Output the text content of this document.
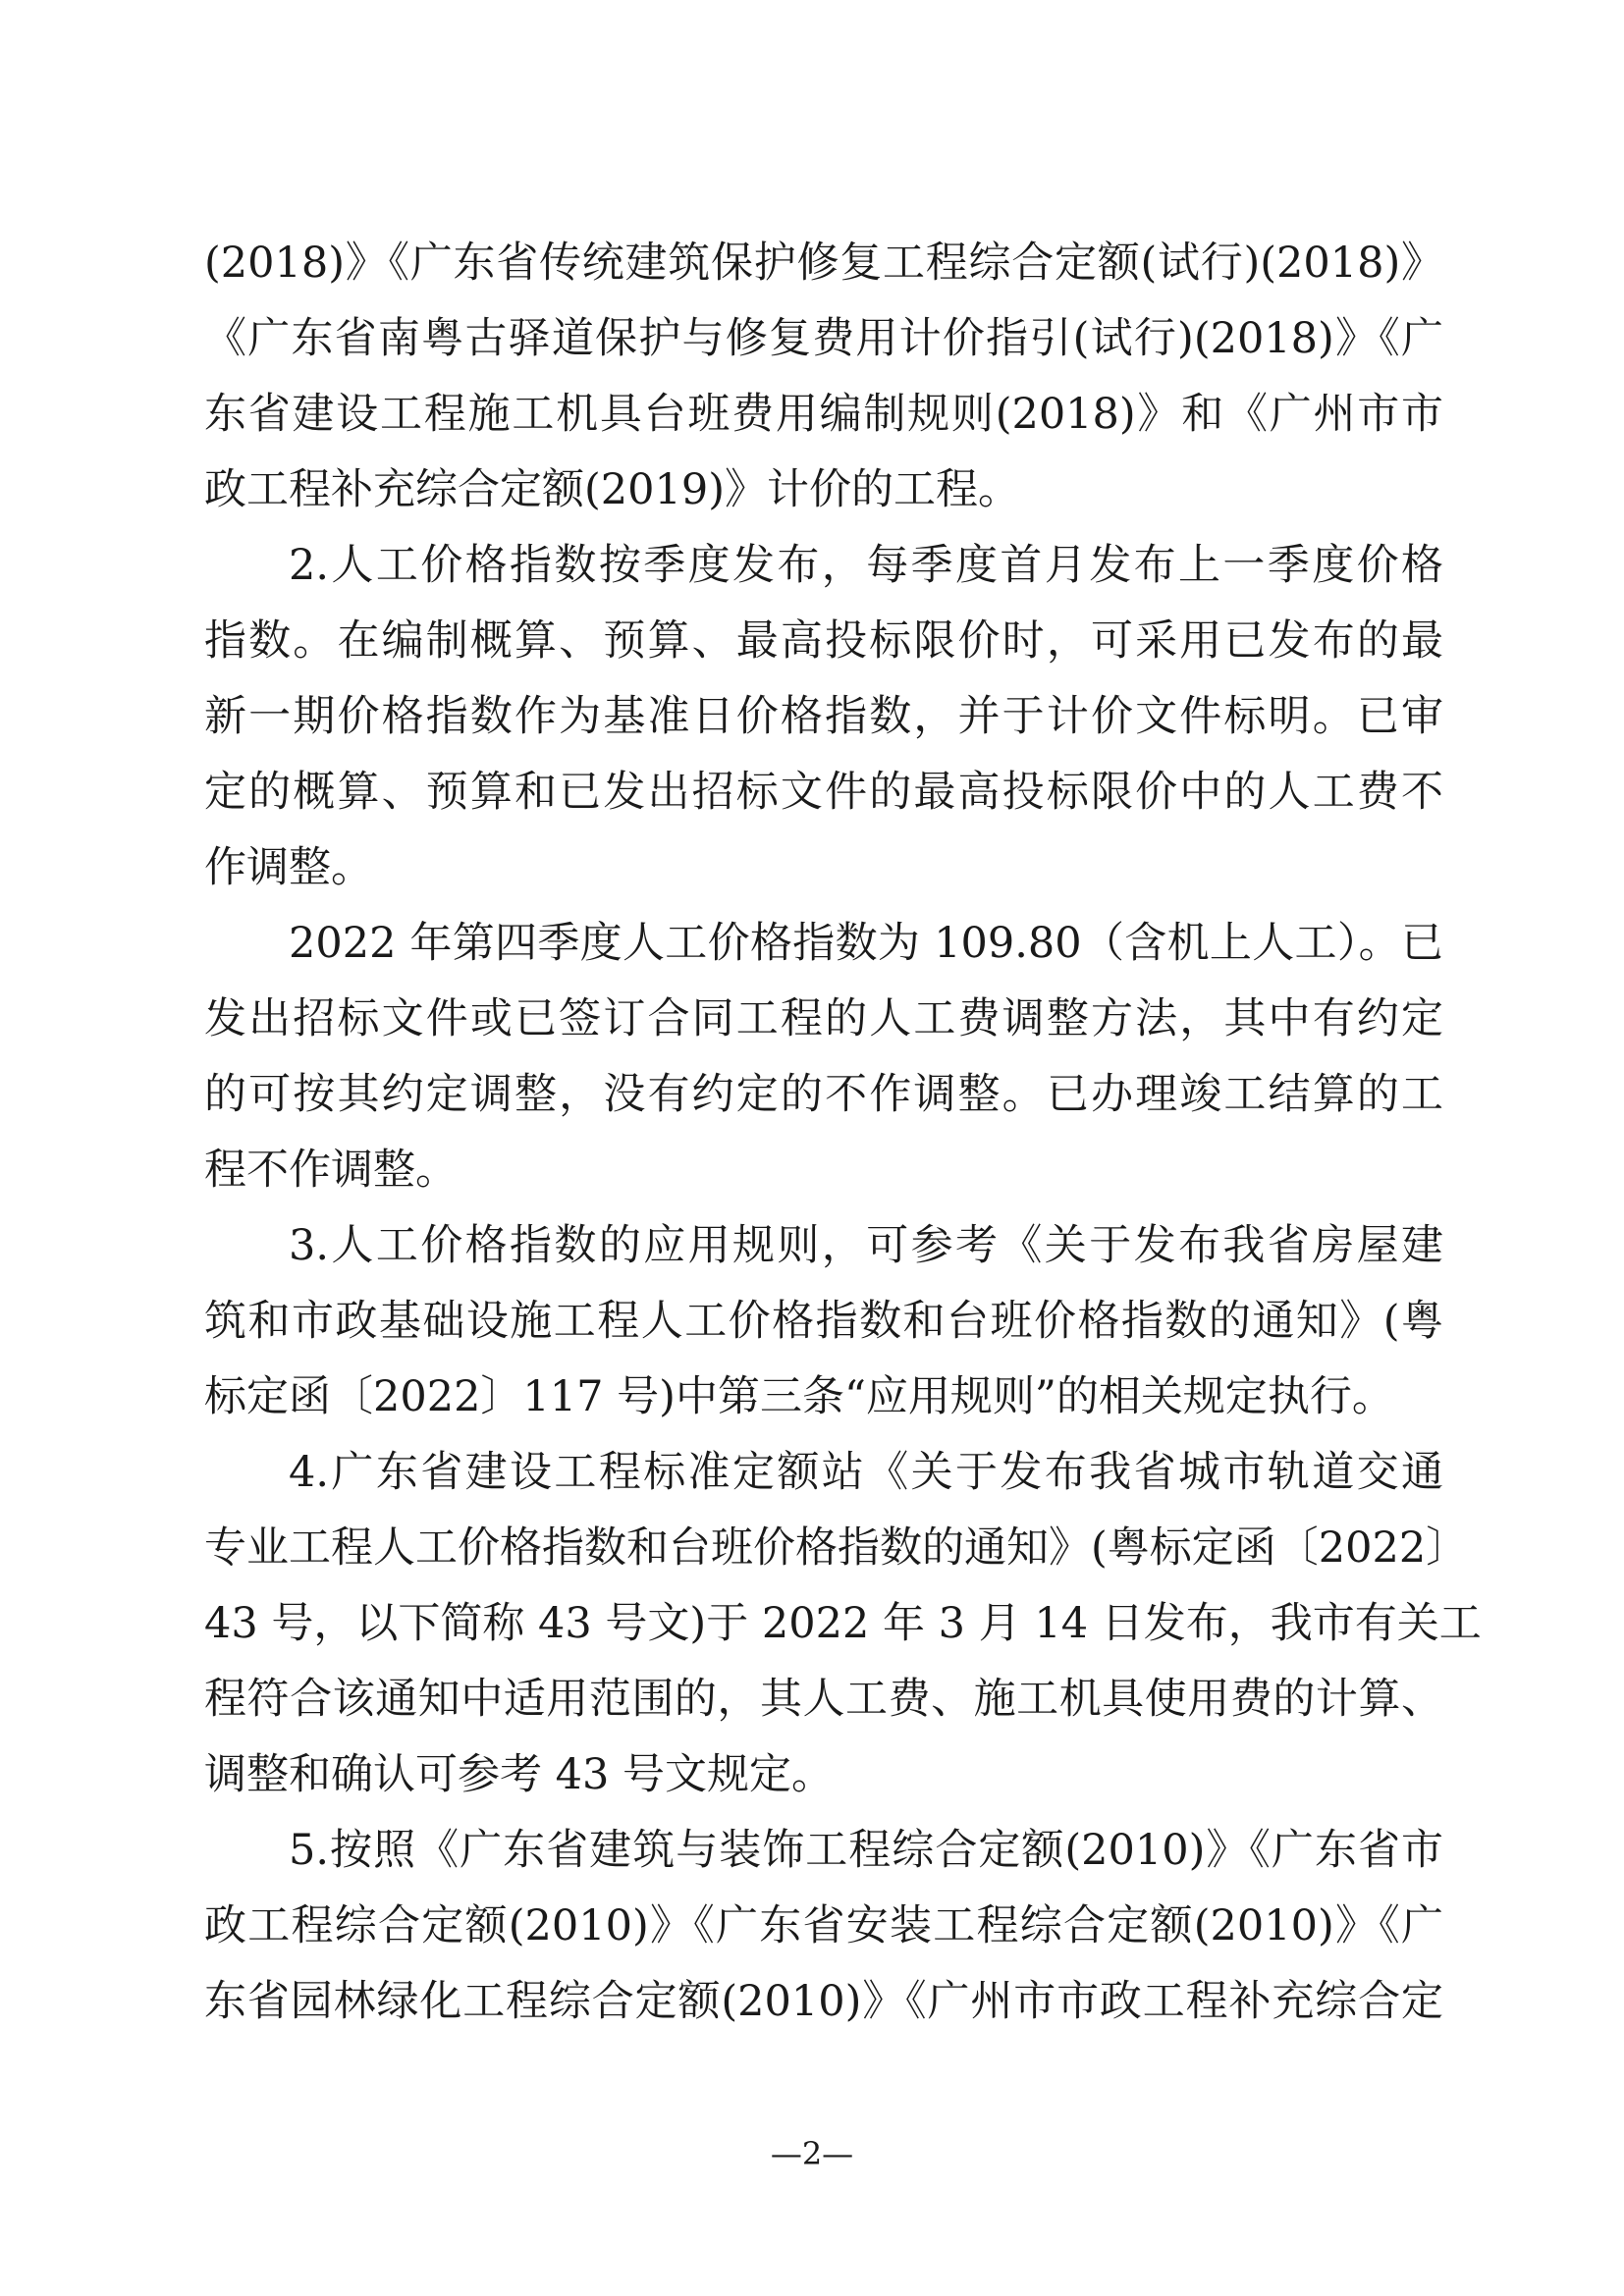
(2018)》《广东省传统建筑保护修复工程综合定额(试行)(2018)》
《广东省南粤古驿道保护与修复费用计价指引(试行)(2018)》《广
东省建设工程施工机具台班费用编制规则(2018)》和《广州市市
政工程补充综合定额(2019)》计价的工程。
2.人工价格指数按季度发布，每季度首月发布上一季度价格
指数。在编制概算、预算、最高投标限价时，可采用已发布的最
新一期价格指数作为基准日价格指数，并于计价文件标明。已审
定的概算、预算和已发出招标文件的最高投标限价中的人工费不
作调整。
2022 年第四季度人工价格指数为 109.80（含机上人工）。已
发出招标文件或已签订合同工程的人工费调整方法，其中有约定
的可按其约定调整，没有约定的不作调整。已办理竣工结算的工
程不作调整。
3.人工价格指数的应用规则，可参考《关于发布我省房屋建
筑和市政基础设施工程人工价格指数和台班价格指数的通知》(粤
标定函〔2022〕117 号)中第三条“应用规则”的相关规定执行。
4.广东省建设工程标准定额站《关于发布我省城市轨道交通
专业工程人工价格指数和台班价格指数的通知》(粤标定函〔2022〕
43 号，以下简称 43 号文)于 2022 年 3 月 14 日发布，我市有关工
程符合该通知中适用范围的，其人工费、施工机具使用费的计算、
调整和确认可参考 43 号文规定。
5.按照《广东省建筑与装饰工程综合定额(2010)》《广东省市
政工程综合定额(2010)》《广东省安装工程综合定额(2010)》《广
东省园林绿化工程综合定额(2010)》《广州市市政工程补充综合定
—2—
